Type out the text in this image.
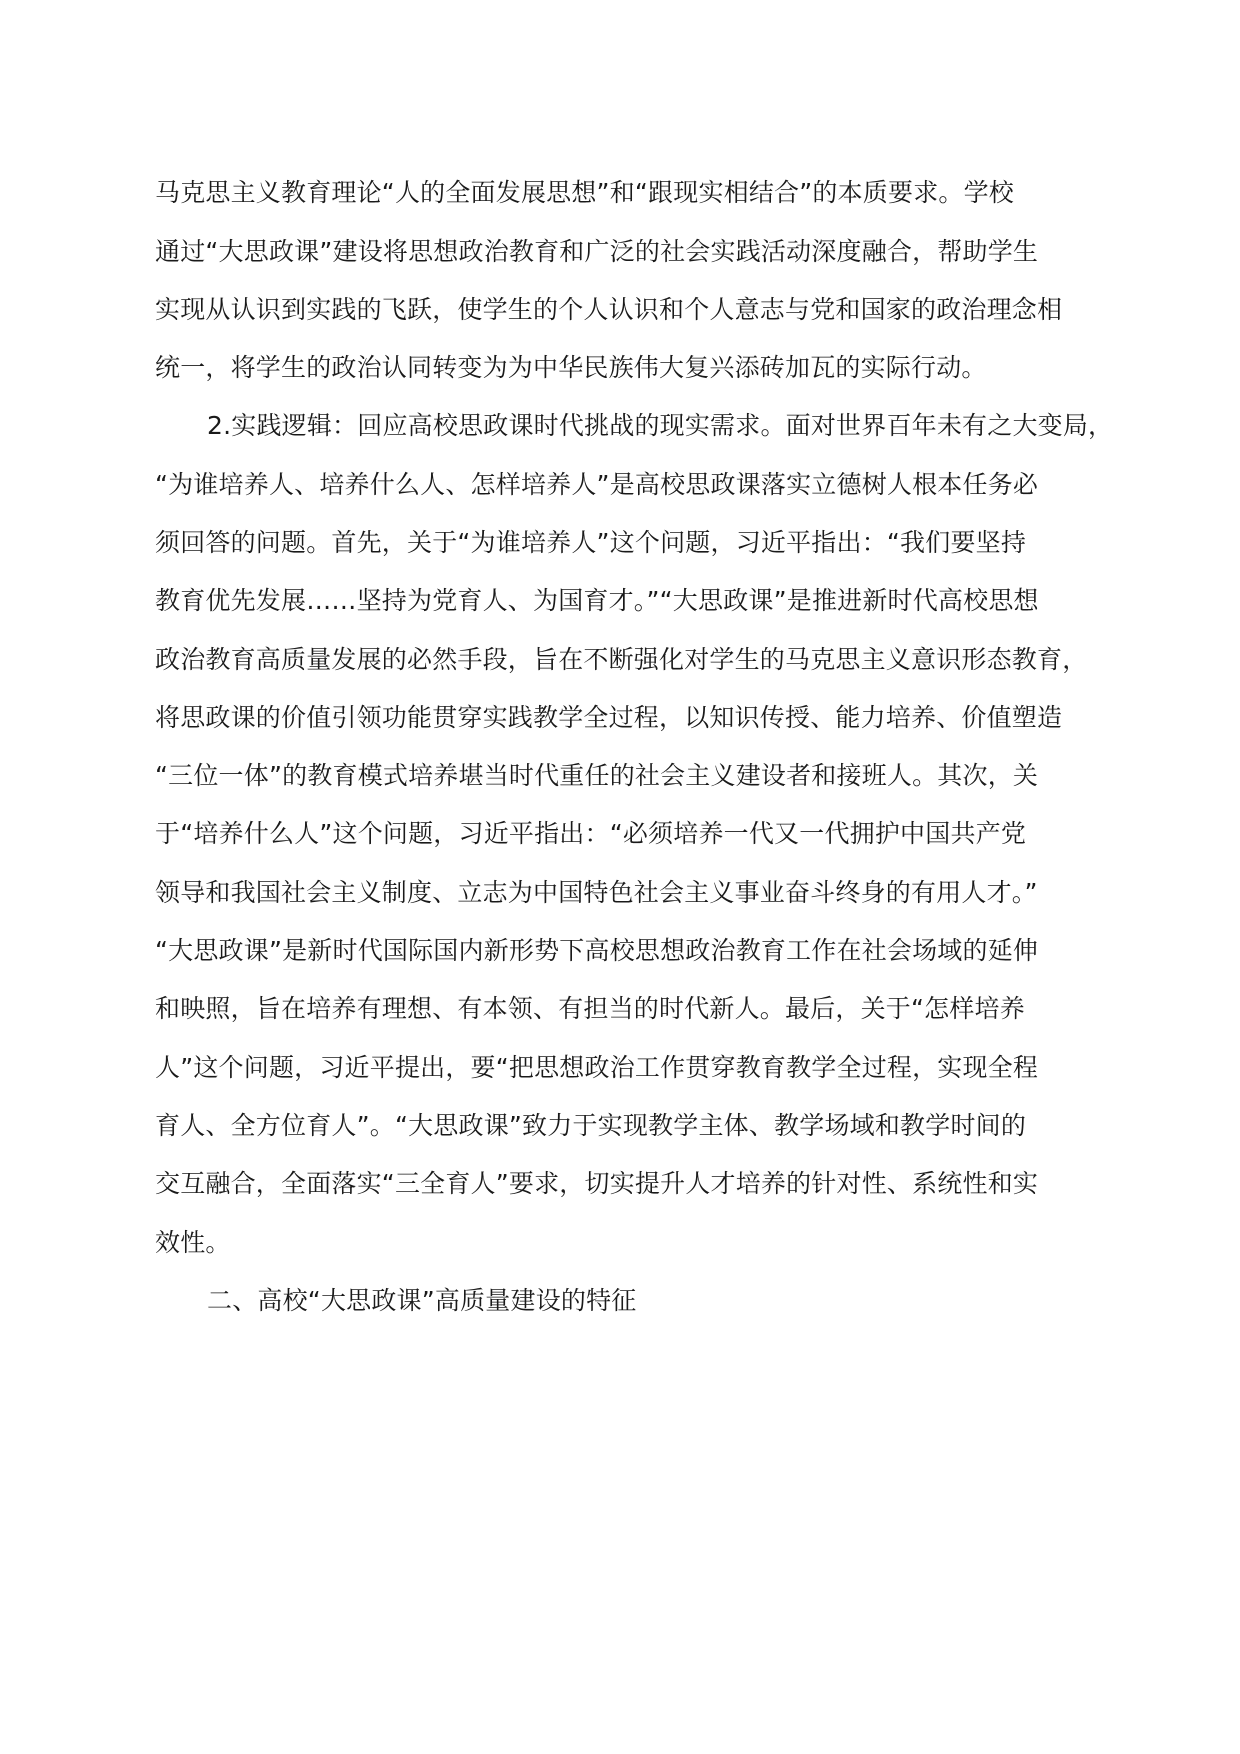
马克思主义教育理论“人的全面发展思想”和“跟现实相结合”的本质要求。学校

通过“大思政课”建设将思想政治教育和广泛的社会实践活动深度融合，帮助学生

实现从认识到实践的飞跃，使学生的个人认识和个人意志与党和国家的政治理念相

统一，将学生的政治认同转变为为中华民族伟大复兴添砖加瓦的实际行动。

2.实践逻辑：回应高校思政课时代挑战的现实需求。面对世界百年未有之大变局，

“为谁培养人、培养什么人、怎样培养人”是高校思政课落实立德树人根本任务必

须回答的问题。首先，关于“为谁培养人”这个问题，习近平指出：“我们要坚持

教育优先发展……坚持为党育人、为国育才。”“大思政课”是推进新时代高校思想

政治教育高质量发展的必然手段，旨在不断强化对学生的马克思主义意识形态教育，

将思政课的价值引领功能贯穿实践教学全过程，以知识传授、能力培养、价值塑造

“三位一体”的教育模式培养堪当时代重任的社会主义建设者和接班人。其次，关

于“培养什么人”这个问题，习近平指出：“必须培养一代又一代拥护中国共产党

领导和我国社会主义制度、立志为中国特色社会主义事业奋斗终身的有用人才。”

“大思政课”是新时代国际国内新形势下高校思想政治教育工作在社会场域的延伸

和映照，旨在培养有理想、有本领、有担当的时代新人。最后，关于“怎样培养

人”这个问题，习近平提出，要“把思想政治工作贯穿教育教学全过程，实现全程

育人、全方位育人”。“大思政课”致力于实现教学主体、教学场域和教学时间的

交互融合，全面落实“三全育人”要求，切实提升人才培养的针对性、系统性和实

效性。

二、高校“大思政课”高质量建设的特征
